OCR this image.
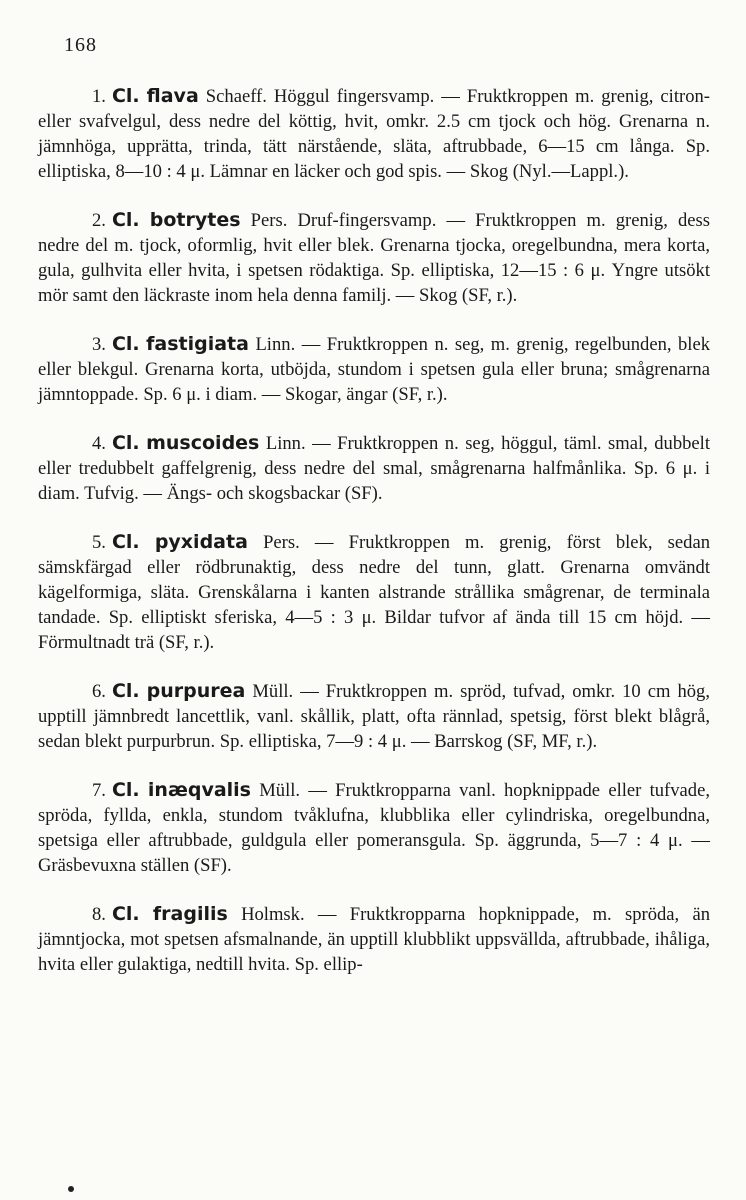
168

1. Cl. flava Schaeff. Höggul fingersvamp. — Fruktkroppen m. grenig, citron- eller svafvelgul, dess nedre del köttig, hvit, omkr. 2.5 cm tjock och hög. Grenarna n. jämnhöga, upprätta, trinda, tätt närstående, släta, aftrubbade, 6—15 cm långa. Sp. elliptiska, 8—10 : 4 μ. Lämnar en läcker och god spis. — Skog (Nyl.—Lappl.).

2. Cl. botrytes Pers. Druf-fingersvamp. — Fruktkroppen m. grenig, dess nedre del m. tjock, oformlig, hvit eller blek. Grenarna tjocka, oregelbundna, mera korta, gula, gulhvita eller hvita, i spetsen rödaktiga. Sp. elliptiska, 12—15 : 6 μ. Yngre utsökt mör samt den läckraste inom hela denna familj. — Skog (SF, r.).

3. Cl. fastigiata Linn. — Fruktkroppen n. seg, m. grenig, regelbunden, blek eller blekgul. Grenarna korta, utböjda, stundom i spetsen gula eller bruna; smågrenarna jämntoppade. Sp. 6 μ. i diam. — Skogar, ängar (SF, r.).

4. Cl. muscoides Linn. — Fruktkroppen n. seg, höggul, täml. smal, dubbelt eller tredubbelt gaffelgrenig, dess nedre del smal, smågrenarna halfmånlika. Sp. 6 μ. i diam. Tufvig. — Ängs- och skogsbackar (SF).

5. Cl. pyxidata Pers. — Fruktkroppen m. grenig, först blek, sedan sämskfärgad eller rödbrunaktig, dess nedre del tunn, glatt. Grenarna omvändt kägelformiga, släta. Grenskålarna i kanten alstrande strållika smågrenar, de terminala tandade. Sp. elliptiskt sferiska, 4—5 : 3 μ. Bildar tufvor af ända till 15 cm höjd. — Förmultnadt trä (SF, r.).

6. Cl. purpurea Müll. — Fruktkroppen m. spröd, tufvad, omkr. 10 cm hög, upptill jämnbredt lancettlik, vanl. skållik, platt, ofta rännlad, spetsig, först blekt blågrå, sedan blekt purpurbrun. Sp. elliptiska, 7—9 : 4 μ. — Barrskog (SF, MF, r.).

7. Cl. inæqvalis Müll. — Fruktkropparna vanl. hopknippade eller tufvade, spröda, fyllda, enkla, stundom tvåklufna, klubblika eller cylindriska, oregelbundna, spetsiga eller aftrubbade, guldgula eller pomeransgula. Sp. äggrunda, 5—7 : 4 μ. — Gräsbevuxna ställen (SF).

8. Cl. fragilis Holmsk. — Fruktkropparna hopknippade, m. spröda, än jämntjocka, mot spetsen afsmalnande, än upptill klubblikt uppsvällda, aftrubbade, ihåliga, hvita eller gulaktiga, nedtill hvita. Sp. ellip-
